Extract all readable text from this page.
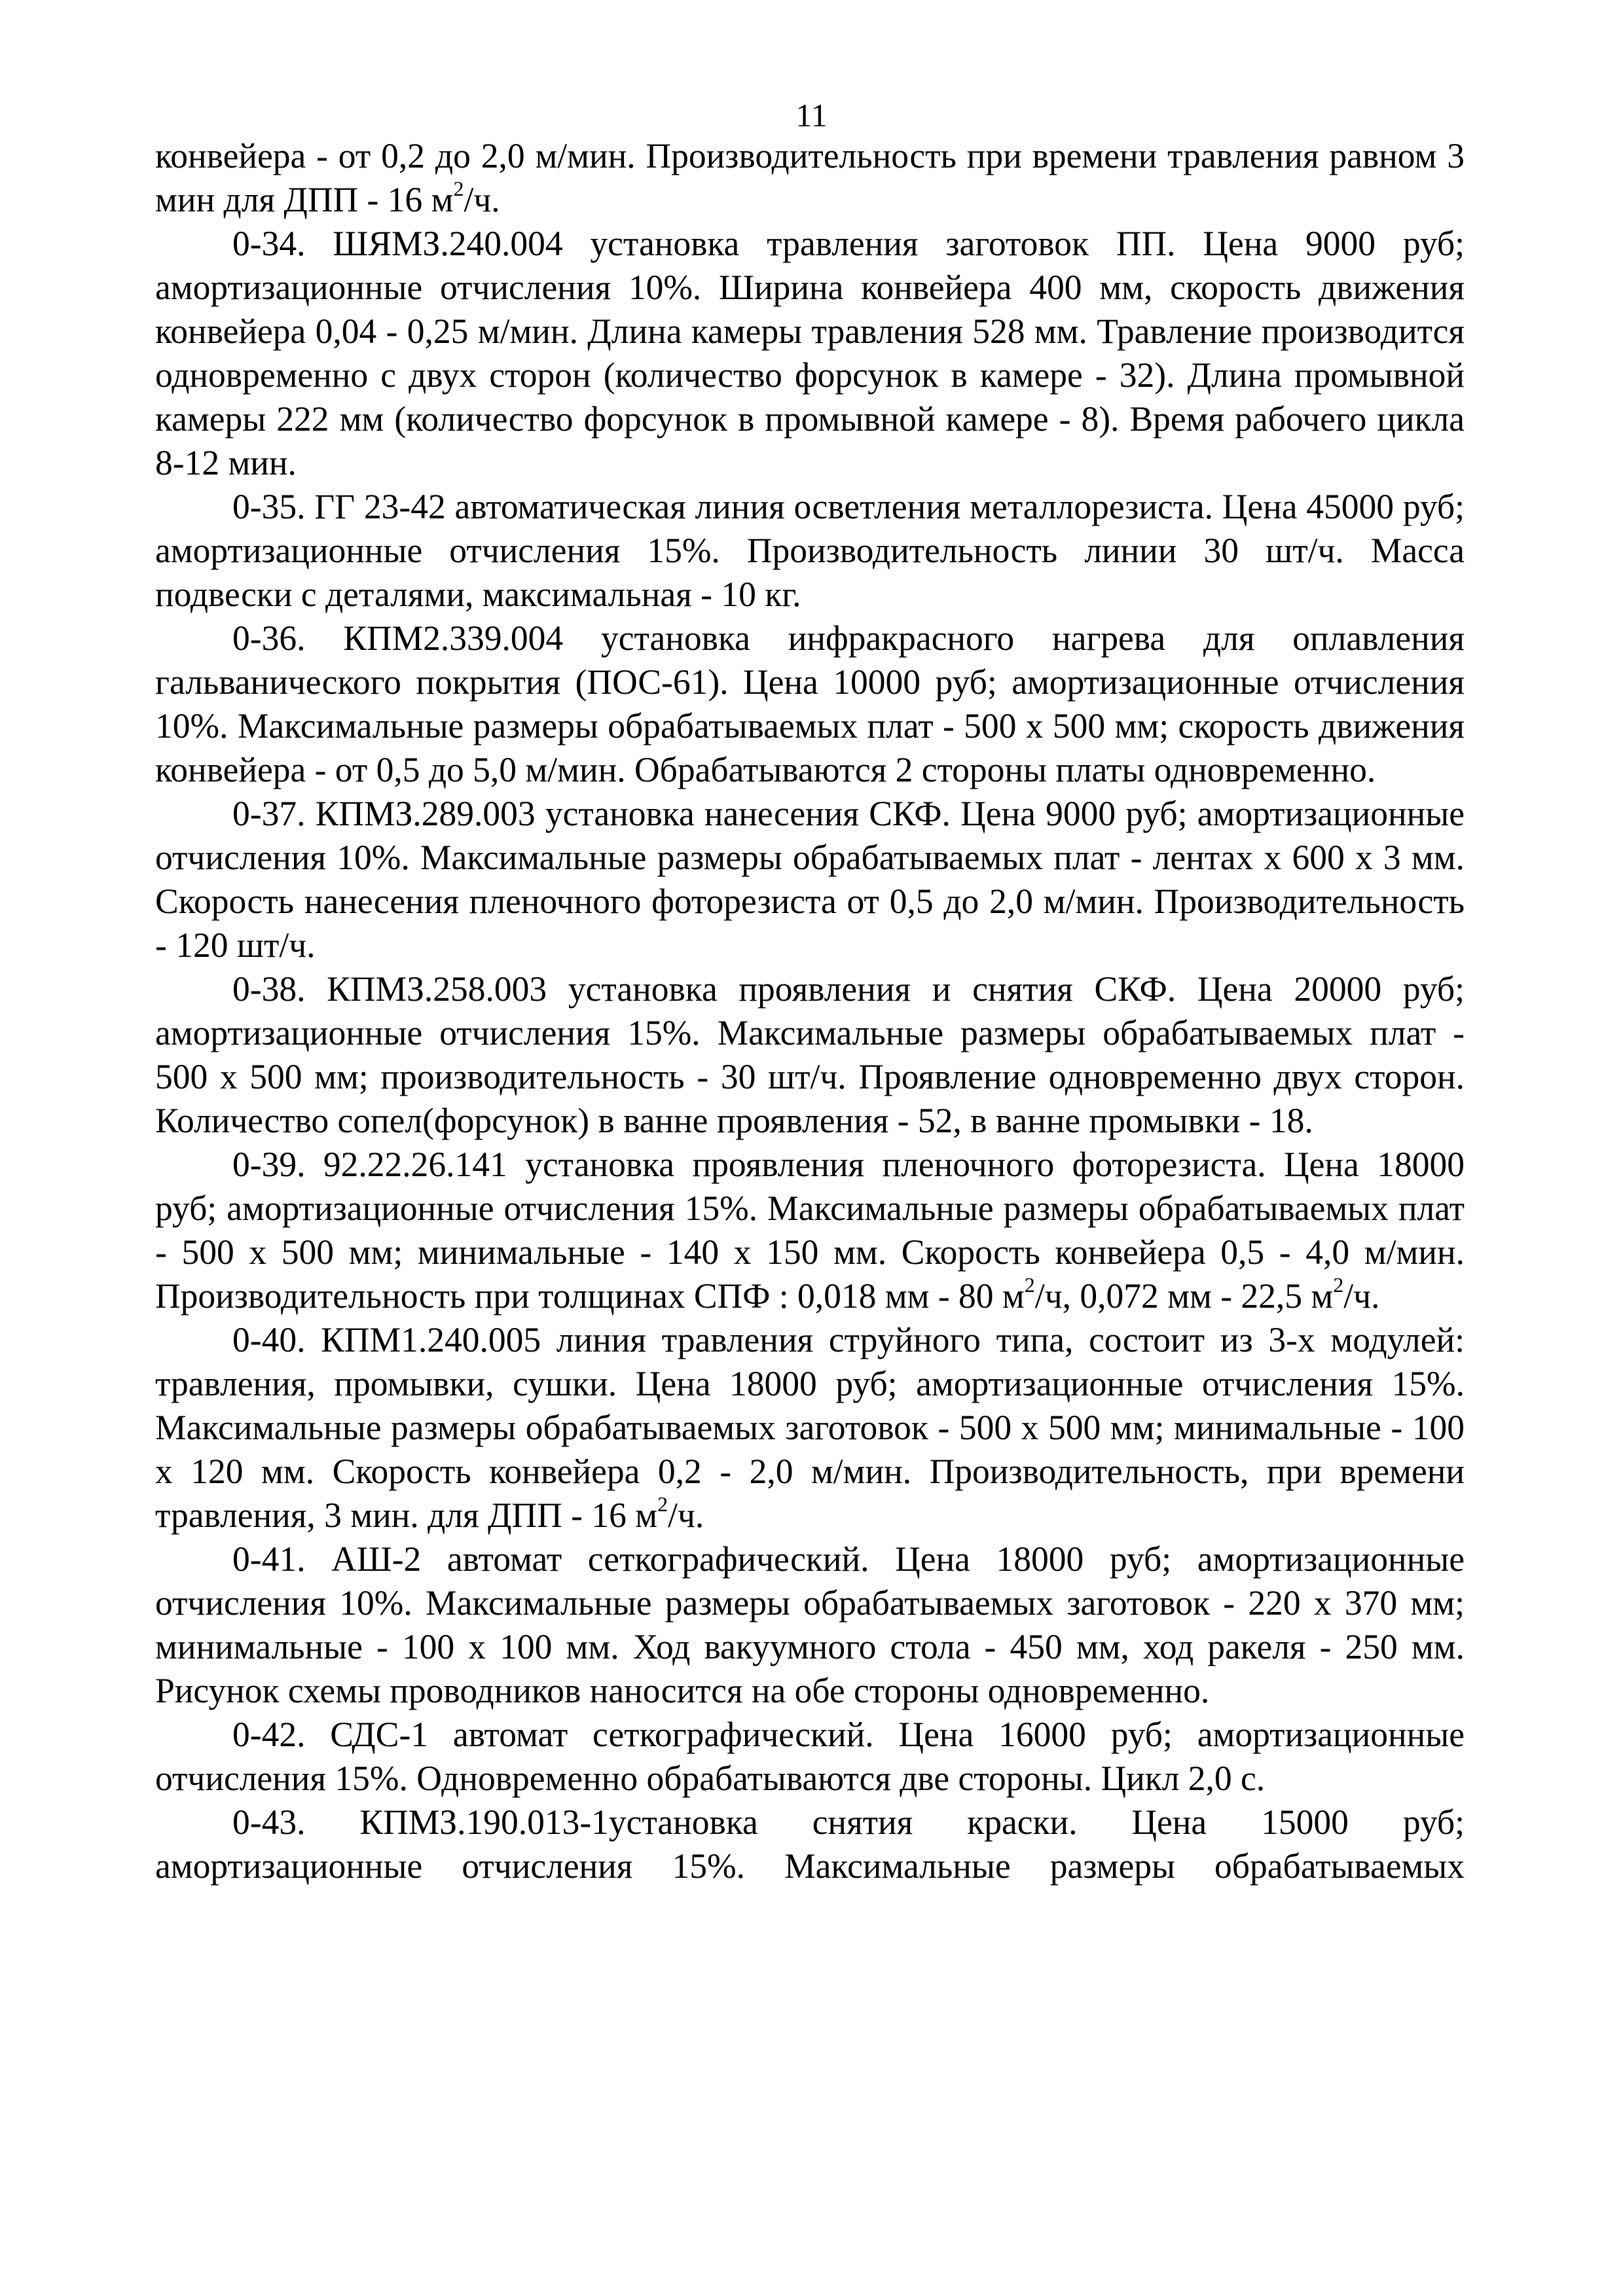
11

конвейера - от 0,2 до 2,0 м/мин. Производительность при времени травления равном 3 мин для ДПП - 16 $м^2/ч$.

0-34. ШЯМЗ.240.004 установка травления заготовок ПП. Цена 9000 руб; амортизационные отчисления 10%. Ширина конвейера 400 мм, скорость движения конвейера 0,04 - 0,25 м/мин. Длина камеры травления 528 мм. Травление производится одновременно с двух сторон (количество форсунок в камере - 32). Длина промывной камеры 222 мм (количество форсунок в промывной камере - 8). Время рабочего цикла 8-12 мин.

0-35. ГГ 23-42 автоматическая линия осветления металлорезиста. Цена 45000 руб; амортизационные отчисления 15%. Производительность линии 30 шт/ч. Масса подвески с деталями, максимальная - 10 кг.

0-36. КПМ2.339.004 установка инфракрасного нагрева для оплавления гальванического покрытия (ПОС-61). Цена 10000 руб; амортизационные отчисления 10%. Максимальные размеры обрабатываемых плат - 500 х 500 мм; скорость движения конвейера - от 0,5 до 5,0 м/мин. Обрабатываются 2 стороны платы одновременно.

0-37. КПМЗ.289.003 установка нанесения СКФ. Цена 9000 руб; амортизационные отчисления 10%. Максимальные размеры обрабатываемых плат - лентах х 600 х 3 мм. Скорость нанесения пленочного фоторезиста от 0,5 до 2,0 м/мин. Производительность - 120 шт/ч.

0-38. КПМЗ.258.003 установка проявления и снятия СКФ. Цена 20000 руб; амортизационные отчисления 15%. Максимальные размеры обрабатываемых плат - 500 х 500 мм; производительность - 30 шт/ч. Проявление одновременно двух сторон. Количество сопел(форсунок) в ванне проявления - 52, в ванне промывки - 18.

0-39. 92.22.26.141 установка проявления пленочного фоторезиста. Цена 18000 руб; амортизационные отчисления 15%. Максимальные размеры обрабатываемых плат - 500 х 500 мм; минимальные - 140 х 150 мм. Скорость конвейера 0,5 - 4,0 м/мин. Производительность при толщинах СПФ : 0,018 мм - 80 $м^2/ч$, 0,072 мм - 22,5 $м^2/ч$.

0-40. КПМ1.240.005 линия травления струйного типа, состоит из 3-х модулей: травления, промывки, сушки. Цена 18000 руб; амортизационные отчисления 15%. Максимальные размеры обрабатываемых заготовок - 500 х 500 мм; минимальные - 100 х 120 мм. Скорость конвейера 0,2 - 2,0 м/мин. Производительность, при времени травления, 3 мин. для ДПП - 16 $м^2/ч$.

0-41. АШ-2 автомат сеткографический. Цена 18000 руб; амортизационные отчисления 10%. Максимальные размеры обрабатываемых заготовок - 220 х 370 мм; минимальные - 100 х 100 мм. Ход вакуумного стола - 450 мм, ход ракеля - 250 мм. Рисунок схемы проводников наносится на обе стороны одновременно.

0-42. СДС-1 автомат сеткографический. Цена 16000 руб; амортизационные отчисления 15%. Одновременно обрабатываются две стороны. Цикл 2,0 с.

0-43. КПМЗ.190.013-1установка снятия краски. Цена 15000 руб; амортизационные отчисления 15%. Максимальные размеры обрабатываемых
